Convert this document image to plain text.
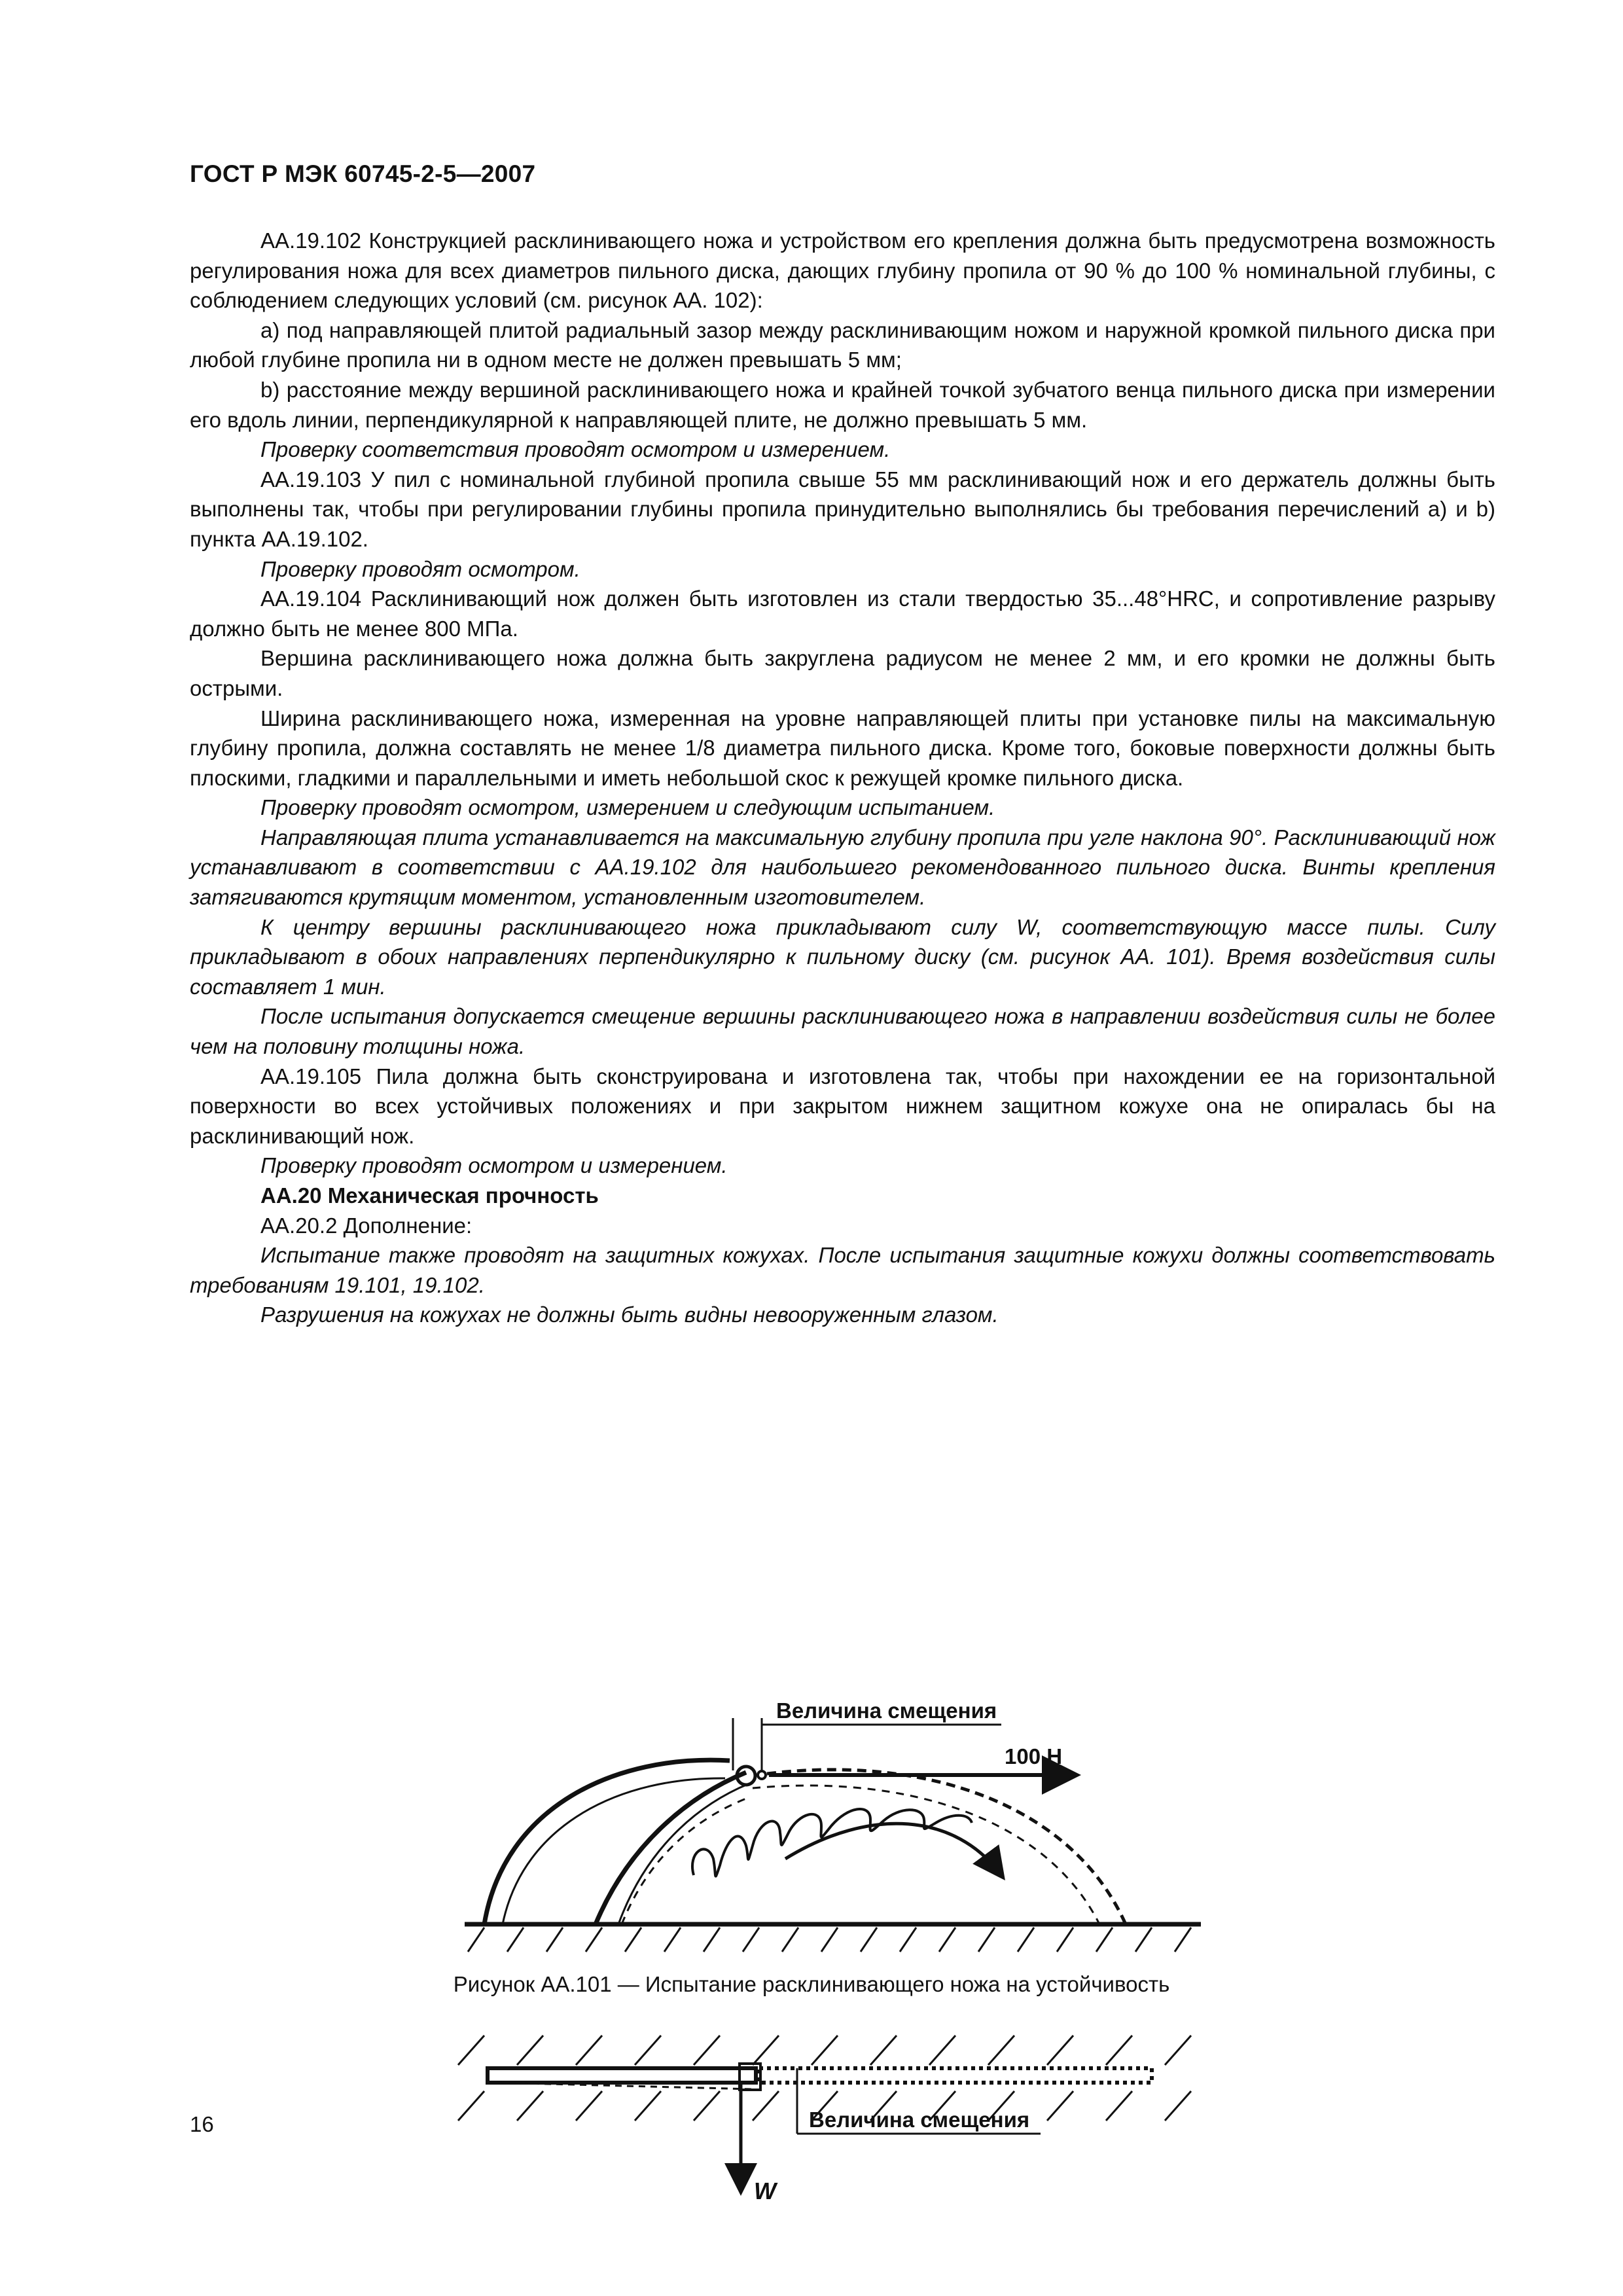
ГОСТ Р МЭК 60745-2-5—2007

AA.19.102 Конструкцией расклинивающего ножа и устройством его крепления должна быть предусмотрена возможность регулирования ножа для всех диаметров пильного диска, дающих глубину пропила от 90 % до 100 % номинальной глубины, с соблюдением следующих условий (см. рисунок АА. 102):

a) под направляющей плитой радиальный зазор между расклинивающим ножом и наружной кромкой пильного диска при любой глубине пропила ни в одном месте не должен превышать 5 мм;

b) расстояние между вершиной расклинивающего ножа и крайней точкой зубчатого венца пильного диска при измерении его вдоль линии, перпендикулярной к направляющей плите, не должно превышать 5 мм.

Проверку соответствия проводят осмотром и измерением.

AA.19.103 У пил с номинальной глубиной пропила свыше 55 мм расклинивающий нож и его держатель должны быть выполнены так, чтобы при регулировании глубины пропила принудительно выполнялись бы требования перечислений а) и b) пункта АА.19.102.

Проверку проводят осмотром.

AA.19.104 Расклинивающий нож должен быть изготовлен из стали твердостью 35...48°HRC, и сопротивление разрыву должно быть не менее 800 МПа.

Вершина расклинивающего ножа должна быть закруглена радиусом не менее 2 мм, и его кромки не должны быть острыми.

Ширина расклинивающего ножа, измеренная на уровне направляющей плиты при установке пилы на максимальную глубину пропила, должна составлять не менее 1/8 диаметра пильного диска. Кроме того, боковые поверхности должны быть плоскими, гладкими и параллельными и иметь небольшой скос к режущей кромке пильного диска.

Проверку проводят осмотром, измерением и следующим испытанием.

Направляющая плита устанавливается на максимальную глубину пропила при угле наклона 90°. Расклинивающий нож устанавливают в соответствии с АА.19.102 для наибольшего рекомендованного пильного диска. Винты крепления затягиваются крутящим моментом, установленным изготовителем.

К центру вершины расклинивающего ножа прикладывают силу W, соответствующую массе пилы. Силу прикладывают в обоих направлениях перпендикулярно к пильному диску (см. рисунок АА. 101). Время воздействия силы составляет 1 мин.

После испытания допускается смещение вершины расклинивающего ножа в направлении воздействия силы не более чем на половину толщины ножа.

AA.19.105 Пила должна быть сконструирована и изготовлена так, чтобы при нахождении ее на горизонтальной поверхности во всех устойчивых положениях и при закрытом нижнем защитном кожухе она не опиралась бы на расклинивающий нож.

Проверку проводят осмотром и измерением.

AA.20 Механическая прочность

AA.20.2 Дополнение:

Испытание также проводят на защитных кожухах. После испытания защитные кожухи должны соответствовать требованиям 19.101, 19.102.

Разрушения на кожухах не должны быть видны невооруженным глазом.

Величина смещения
100 Н
Величина смещения
W
Рисунок АА.101 — Испытание расклинивающего ножа на устойчивость
16
